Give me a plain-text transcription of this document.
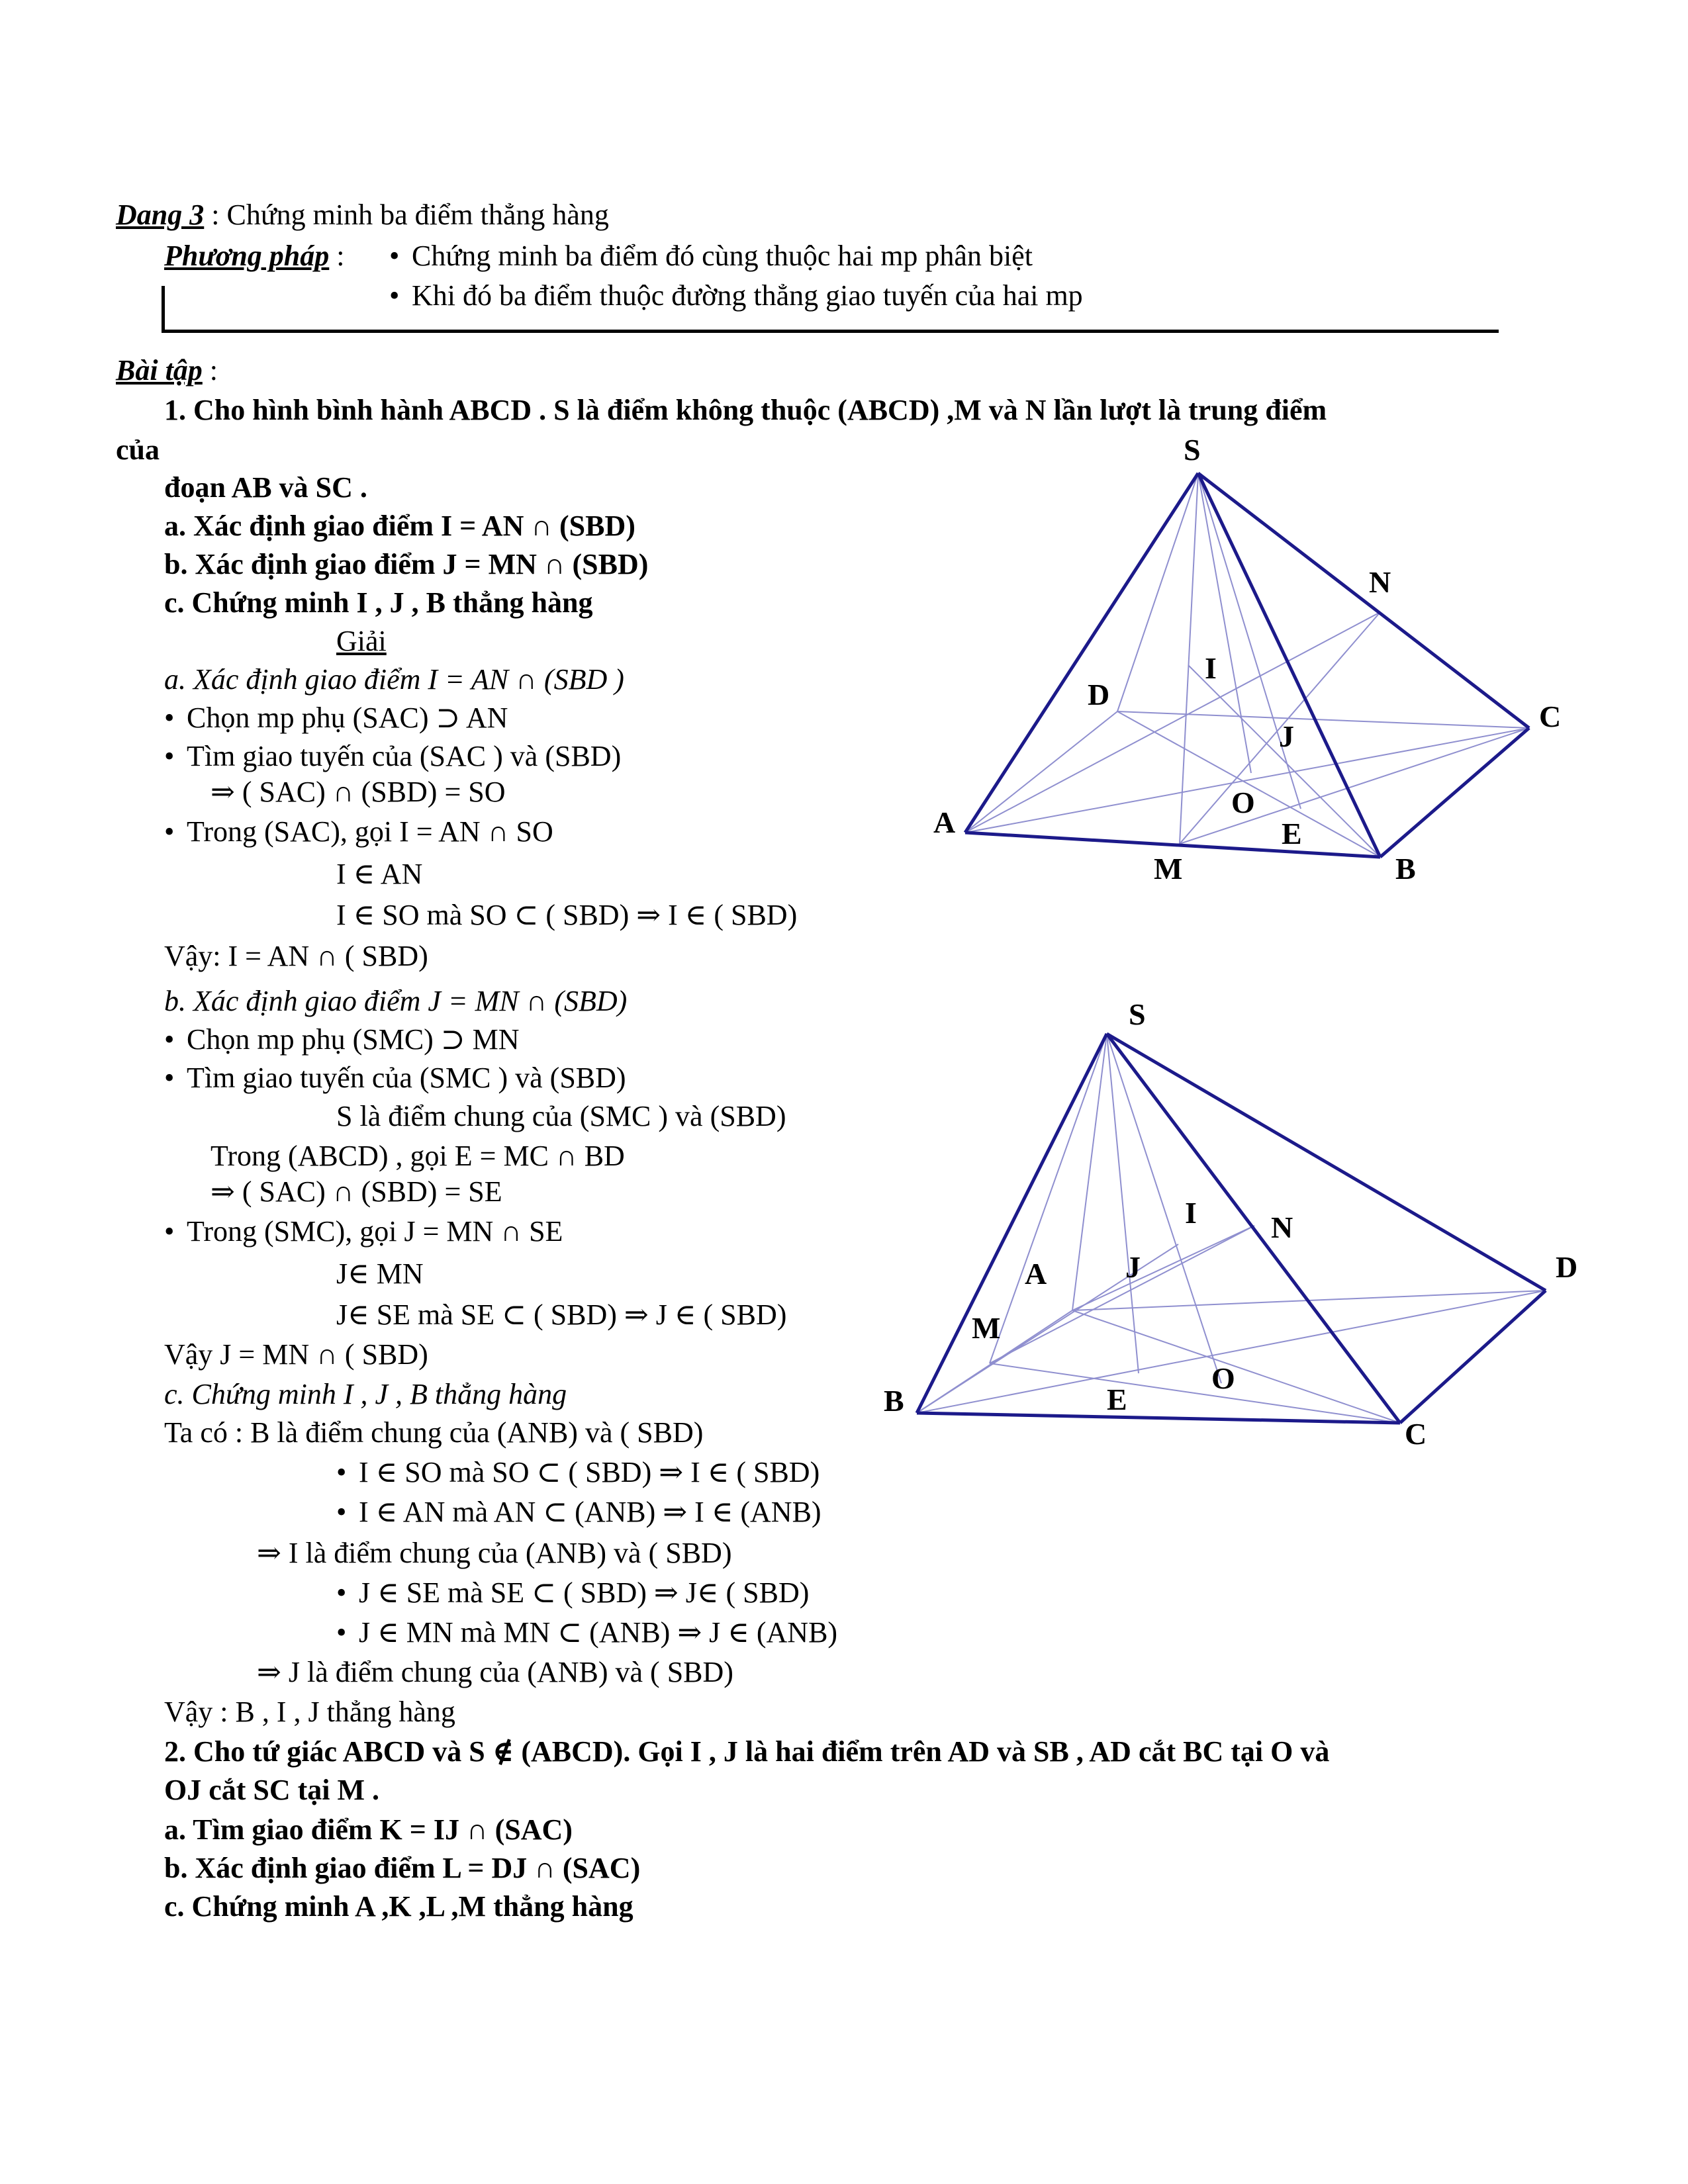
Dang 3 : Chứng minh ba điểm thẳng hàng
Phương pháp :
•	Chứng minh ba điểm đó cùng thuộc hai mp phân biệt
• Khi đó ba điểm thuộc đường thẳng giao tuyến của hai mp
Bài tập :
1. Cho hình bình hành ABCD . S là điểm không thuộc (ABCD) ,M và N lần lượt là trung điểm
của
đoạn AB và SC .
a. Xác định giao điểm I = AN ∩ (SBD)
b. Xác định giao điểm J = MN ∩ (SBD)
c. Chứng minh I , J , B thẳng hàng
Giải
a. Xác định giao điểm I = AN ∩ (SBD )
• Chọn mp phụ (SAC) ⊃ AN
• Tìm giao tuyến của (SAC ) và (SBD)
⇒ ( SAC) ∩ (SBD) = SO
• Trong (SAC), gọi I = AN ∩ SO
I ∈ AN
I ∈ SO mà SO ⊂ ( SBD) ⇒ I ∈ ( SBD)
Vậy: I = AN ∩ ( SBD)
b. Xác định giao điểm J = MN ∩ (SBD)
• Chọn mp phụ (SMC) ⊃ MN
• Tìm giao tuyến của (SMC ) và (SBD)
S là điểm chung của (SMC ) và (SBD)
Trong (ABCD) , gọi E = MC ∩ BD
⇒ ( SAC) ∩ (SBD) = SE
• Trong (SMC), gọi J = MN ∩ SE
J∈ MN
J∈ SE mà SE ⊂ ( SBD) ⇒ J ∈ ( SBD)
Vậy J = MN ∩ ( SBD)
c. Chứng minh I , J , B thẳng hàng
Ta có : B là điểm chung của (ANB) và ( SBD)
• I ∈ SO mà SO ⊂ ( SBD) ⇒ I ∈ ( SBD)
• I ∈ AN mà AN ⊂ (ANB) ⇒ I ∈ (ANB)
⇒ I là điểm chung của (ANB) và ( SBD)
• J ∈ SE mà SE ⊂ ( SBD) ⇒ J∈ ( SBD)
• J ∈ MN mà MN ⊂ (ANB) ⇒ J ∈ (ANB)
⇒ J là điểm chung của (ANB) và ( SBD)
Vậy : B , I , J thẳng hàng
2. Cho tứ giác ABCD và S ∉ (ABCD). Gọi I , J là hai điểm trên AD và SB , AD cắt BC tại O và
OJ cắt SC tại M .
a. Tìm giao điểm K = IJ ∩ (SAC)
b. Xác định giao điểm L = DJ ∩ (SAC)
c. Chứng minh A ,K ,L ,M thẳng hàng
S
N
I
D
C
J
O
A	E
M	B
S
I N
A	J	D
M
O
B	E
C
